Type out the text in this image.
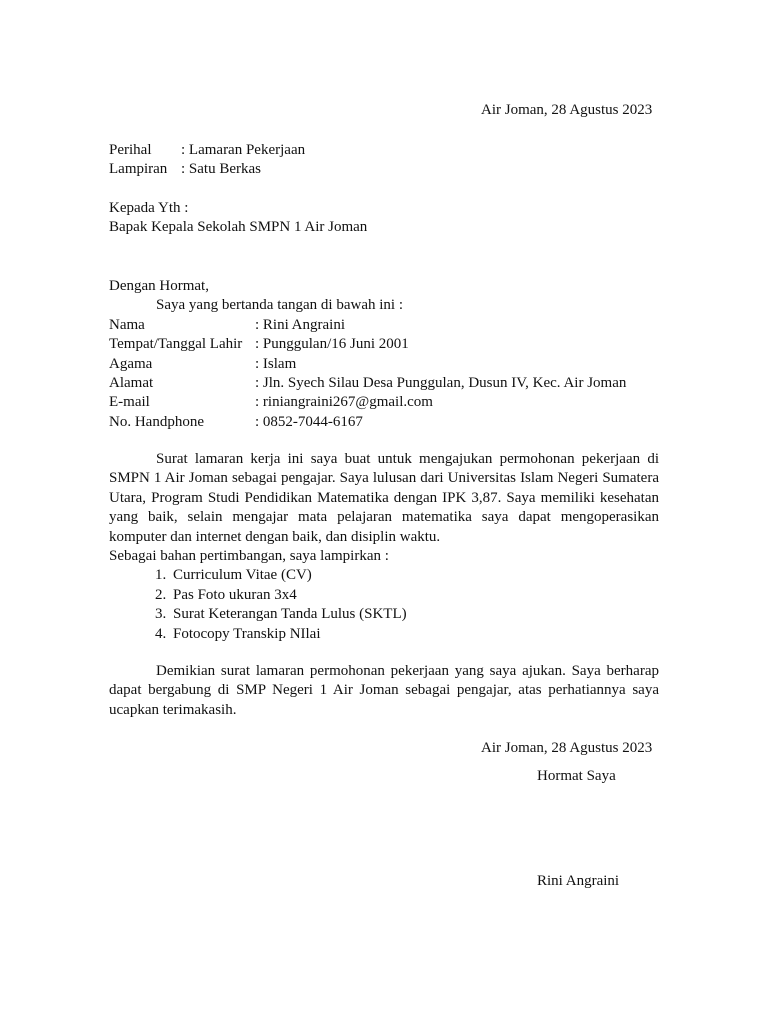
Air Joman, 28 Agustus 2023
Perihal	: Lamaran Pekerjaan
Lampiran : Satu Berkas
Kepada Yth :
Bapak Kepala Sekolah SMPN 1 Air Joman
Dengan Hormat,
Saya yang bertanda tangan di bawah ini :
Nama	: Rini Angraini
Tempat/Tanggal Lahir : Punggulan/16 Juni 2001
Agama	: Islam
Alamat	: Jln. Syech Silau Desa Punggulan, Dusun IV, Kec. Air Joman
E-mail	: riniangraini267@gmail.com
No. Handphone	: 0852-7044-6167
Surat lamaran kerja ini saya buat untuk mengajukan permohonan pekerjaan di SMPN 1 Air Joman sebagai pengajar. Saya lulusan dari Universitas Islam Negeri Sumatera Utara, Program Studi Pendidikan Matematika dengan IPK 3,87. Saya memiliki kesehatan yang baik, selain mengajar mata pelajaran matematika saya dapat mengoperasikan komputer dan internet dengan baik, dan disiplin waktu.
Sebagai bahan pertimbangan, saya lampirkan :
1. Curriculum Vitae (CV)
2. Pas Foto ukuran 3x4
3. Surat Keterangan Tanda Lulus (SKTL)
4. Fotocopy Transkip NIlai
Demikian surat lamaran permohonan pekerjaan yang saya ajukan. Saya berharap dapat bergabung di SMP Negeri 1 Air Joman sebagai pengajar, atas perhatiannya saya ucapkan terimakasih.
Air Joman, 28 Agustus 2023
Hormat Saya
Rini Angraini
